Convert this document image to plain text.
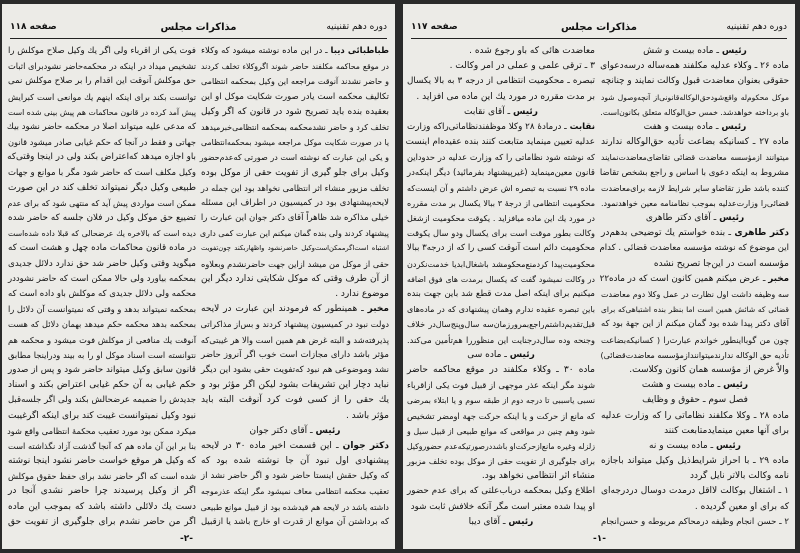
دوره دهم تقنینیه
مذاکرات مجلس
صفحه ۱۱۸
طباطبائی دیبا ـ در این ماده نوشته میشود که وکلاء
در موقع محاکمه مکلفند حاضر شوند اگروکلاء تخلف کردند
و حاضر نشدند آنوقت مراجعه این وکیل بمحکمه انتظامی
تکالیف محکمه است یادر صورت شکایت موکل او این
بعقیده بنده باید تصریح شود در قانون که اگر وکیل
تخلف کرد و حاضر نشدمحکمه بمحکمه انتظامی‌خبرمیدهد
یا در صورت شکایت موکل مراجعه میشود بمحکمه‌انتظامی
و یکی این عبارت که نوشته است در صورتی که‌عدم‌حضور
وکیل برای جلو گیری از تفویت حقی از موکل بوده
تخلف مزبور منشاء اثر انتظامی نخواهد بود این جمله در
لایحه‌پیشنهادی بود در کمیسیون در اطراف این مسئله
خیلی مذاکره شد ظاهراً آقای دکتر جوان این عبارت را
پیشنهاد کردند ولی بنده گمان میکنم این عبارت کمی داری
اشتباه است‌اگرممکن‌است‌وکیل حاضرنشود واظهاربکند چون‌تفویت
حقی از موکل من میشد ازاین جهت حاضرنشدم وبعلاوه
از آن طرف وقتی که موکل شکایتی ندارد دیگر این
موضوع ندارد .
مخبر ـ همینطور که فرمودند این عبارت در لایحه
دولت نبود در کمیسیون پیشنهاد کردند و بس‌از مذاکراتی
پذیرفته‌شد و البته غرض هم همین است والا هر غیبتی‌که
مؤثر باشد دارای مجازات است خوب اگر آنروز حاضر
نشد وموضوعی هم نبود که‌تفویت حقی بشود این دیگر
نباید دچار این تشریفات بشود لیکن اگر مؤثر بود و
یك حقی را از کسی فوت کرد آنوقت البته باید
مؤثر باشد .
رئیس ـ آقای دکتر جوان
دکتر جوان ـ این قسمت اخیر ماده ۳۰ در لایحه
پیشنهادی اول نبود آن جا نوشته شده بود که
که وکیل حقش اینستا حاضر شود و اگر حاضر نشد از
تعقیب محکمه انتظامی معاف نمیشود مگر اینکه عذرموجه
داشته باشد در لایحه هم قیدشده بود از قبیل موانع طبیعی
که برداشتن آن موانع از قدرت او خارج باشد یا ازقبیل
فوت یکی از اقرباء ولی اگر یك وکیل صلاح موکلش را
تشخیص میداد در اینکه در محکمه‌حاضر نشودبرای اثبات
حق موکلش آنوقت این اقدام را بر صلاح موکلش نمی
توانست بکند برای اینکه اینهم یك موانعی است کبرایش
پیش آمد کرده در قانون محاکمات هم پیش بینی شده است
که مدعی علیه میتواند اصلا در محکمه حاضر نشود بیك
جهاتی و فقط در آنجا که حکم غیابی صادر میشود قانون
باو اجازه میدهد که‌اعتراض بکند ولی در اینجا وقتی‌که
وکیل مکلف است که حاضر شود مگر با موانع و جهات
طبیعی وکیل دیگر نمیتواند تخلف کند در این صورت
ممکن است مواردی پیش آید که منتهی شود که برای عدم
تضییع حق موکل وکیل در فلان جلسه که حاضر شده
دیده است که بالاخره یك عرضحالی که قبلا داده شده‌است
در ماده قانون محاکمات ماده چهل و هشت است که
میگوید وقتی وکیل حاضر شد حق ندارد دلائل جدیدی
بمحکمه بیاورد ولی حالا ممکن است که حاضر نشوددر
محکمه ولی دلائل جدیدی که موکلش باو داده است که
بمحکمه نمیتواند بدهد و وقتی که نمیتوانست آن دلائل را
بمحکمه بدهد محکمه حکم میدهد بهمان دلائل که هست
آنوقت یك منافعی از موکلش فوت میشود و محکمه هم
نتوانسته است اسناد موکل او را به بیند ودراینجا مطابق
قانون سابق وکیل میتواند حاضر شود و پس از صدور
حکم غیابی به آن حکم غیابی اعتراض بکند و اسناد
جدیدش را ضمیمه عرضحالش بکند ولی اگر جلسه‌قبل
نبود وکیل نمیتوانست غیبت کند برای اینکه اگرغیبت
میکرد ممکن بود مورد تعقیب محکمهٔ انتظامی واقع شود
بنا بر این آن ماده هم که آنجا گذشت آزاد نگذاشته است
که وکیل هر موقع خواست حاضر نشود اینجا نوشته
شده است که اگر حاضر نشد برای حفظ حقوق موکلش
اگر از وکیل پرسیدند چرا حاضر نشدی آنجا در
دست یك دلائلی داشته باشد که بموجب این ماده
اگر من حاضر نشدم برای جلوگیری از تفویت حق
-۲-
دوره دهم تقنینیه
مذاکرات مجلس
صفحه ۱۱۷
رئیس ـ ماده بیست و شش
ماده ۲۶ ـ وکلاء عدلیه مکلفند همه‌ساله درسه‌دعوای
حقوقی بعنوان معاضدت قبول وکالت نمایند و چنانچه
موکل محکوم‌له واقع‌شودحق‌الوکاله‌قانونی‌از آنچه‌وصول شود
باو برداخته خواهدشد. خمس حق‌الوکاله متعلق بکانون‌است.
رئیس ـ ماده بیست و هفت
ماده ۲۷ ـ کسانیکه بضاعت تأدیه حق‌الوکاله ندارند
میتوانند ازمؤسسه معاضدت قضائی تقاضای‌معاضدت‌نمایند
مشروط به اینکه دعوی با اساس و راجع بشخص تقاضا
کننده باشد طرز تقاضاو سایر شرایط لازمه برای‌معاضدت
قضائی‌را وزارت‌عدلیه بموجب نظامنامه معین خواهدنمود.
رئیس ـ آقای دکتر طاهری
دکتر طاهری ـ بنده خواستم یك توضیحی بدهم‌در
این موضوع که نوشته مؤسسه معاضدت قضائی . کدام
مؤسسه است در این‌جا تصریح نشده
مخبر ـ عرض میکنم همین کانون است که در ماده۲۲
سه وظیفه داشت اول نظارت در عمل وکلا دوم معاضدت
قضائی که شائش همین است اما بنظر بنده اشتباهی‌که برای
آقای دکتر پیدا شده بود گمان میکنم از این جهة بود که
چون من گوبااینطور خواندم عبارت‌را ( کسانیکه‌بضاعت
تأدیه حق الوکاله ندارندمیتوانندازمؤسسه معاضدت‌قضائی)
والاّ غرض از مؤسسه همان کانون وکلاست.
رئیس ـ ماده بیست و هشت
فصل سوم ـ حقوق و وظایف
ماده ۲۸ ـ وکلا مکلفند نظاماتی را که وزارت عدلیه
برای آنها معین مینمایدمتابعت کنند
رئیس ـ ماده بیست و نه
ماده ۲۹ ـ با احراز شرایط‌ذیل وکیل میتواند باجازه
نامه وکالت بالاتر نایل گردد
۱ ـ اشتغال بوکالت لااقل درمدت دوسال دردرجه‌ای
که برای او معین گردیده .
۲ ـ حسن انجام وظیفه درمحاکم مربوطه و حسن‌انجام
معاضدت هائی که باو رجوع شده .
۳ ـ ترقی علمی و عملی در امر وکالت .
تبصره ـ محکومیت انتظامی از درجه ۳ به بالا یکسال
بر مدت مقرره در مورد یك این ماده می افزاید .
رئیس ـ آقای نقابت
نقابت ـ درمادهٔ ۲۸ وکلا موظفندنظاماتی‌راکه وزارت
عدلیه تعیین مینماید متابعت کنند بنده عقیده‌ام اینست
که نوشته شود نظاماتی را که وزارت عدلیه در حدوداین
قانون معین‌مینماید (غیرپیشنهاد بفرمائید) دیگر اینکه‌در
ماده ۲۹ نسبت به تبصره اش عرض داشتم و آن اینست‌که
محکومیت انتظامی از درجهٔ ۳ ببالا یکسال بر مدت مقرره
در مورد یك این ماده میافزاید . یکوقت محکومیت ازشغل
وکالت بطور موقت است برای یکسال ودو سال یکوقت
محکومیت دائم است آنوقت کسی را که از درجه۳ ببالا
محکومیت‌پیدا کردمنع‌محکومشد باشغال‌ابدیا خدمت‌نکردن
در وکالت نمیشود گفت که یکسال برمدت های فوق اضافه
میکنیم برای اینکه اصل مدت قطع شد باین جهت بنده
باین تبصره عقیده ندارم وهمان پیشنهادی که در ماده‌های
قبل‌تقدیم‌داشتم‌راجع‌بمرورزمان‌سه سال‌وپنج‌سال‌در خلاف
وجنحه وده سال‌درجنایت این منظوررا هم‌تأمین می‌کند.
رئیس ـ ماده سی
ماده ۳۰ ـ وکلاء مکلفند در موقع محاکمه حاضر
شوند مگر اینکه عذر موجهی از قبیل فوت یکی ازاقرباء
نسبی یاسببی تا درجه دوم از طبقه سوم و یا ابتلاء بمرضی
که مانع از حرکت و یا اینکه حرکت جهة اومضر تشخیص
شود وهم چنین در مواقعی که موانع طبیعی از قبیل سیل و
زلزله وغیره مانع‌ازحرکت‌او باشددرصورتیکه‌عدم حضوروکیل
برای جلوگیری از تفویت حقی از موکل بوده تخلف مزبور
منشاء اثر انتظامی نخواهد بود.
اطلاع وکیل بمحکمه درباب‌علتی که برای عدم حضور
او پیدا شده معتبر است مگر آنکه خلافش ثابت شود
رئیس ـ آقای دیبا
-۱-
